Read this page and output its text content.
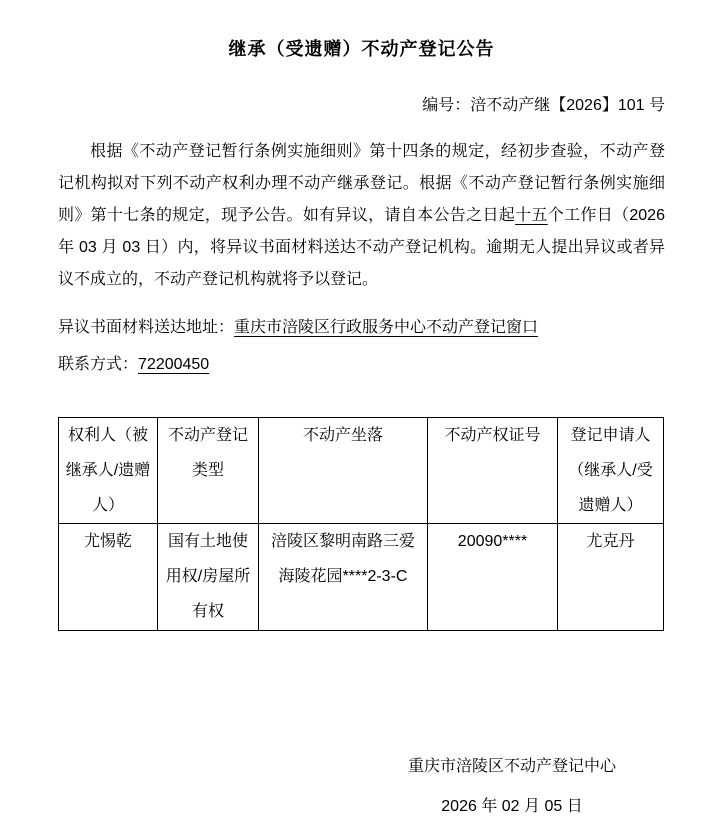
继承（受遗赠）不动产登记公告
编号：涪不动产继【2026】101 号

根据《不动产登记暂行条例实施细则》第十四条的规定，经初步查验，不动产登记机构拟对下列不动产权利办理不动产继承登记。根据《不动产登记暂行条例实施细则》第十七条的规定，现予公告。如有异议，请自本公告之日起十五个工作日（2026 年 03 月 03 日）内，将异议书面材料送达不动产登记机构。逾期无人提出异议或者异议不成立的，不动产登记机构就将予以登记。

异议书面材料送达地址：重庆市涪陵区行政服务中心不动产登记窗口
联系方式：72200450
权利人（被继承人/遗赠人）	不动产登记类型	不动产坐落	不动产权证号	登记申请人（继承人/受遗赠人）
尤惕乾	国有土地使用权/房屋所有权	涪陵区黎明南路三爱海陵花园****2-3-C	20090****	尤克丹
重庆市涪陵区不动产登记中心
2026 年 02 月 05 日
